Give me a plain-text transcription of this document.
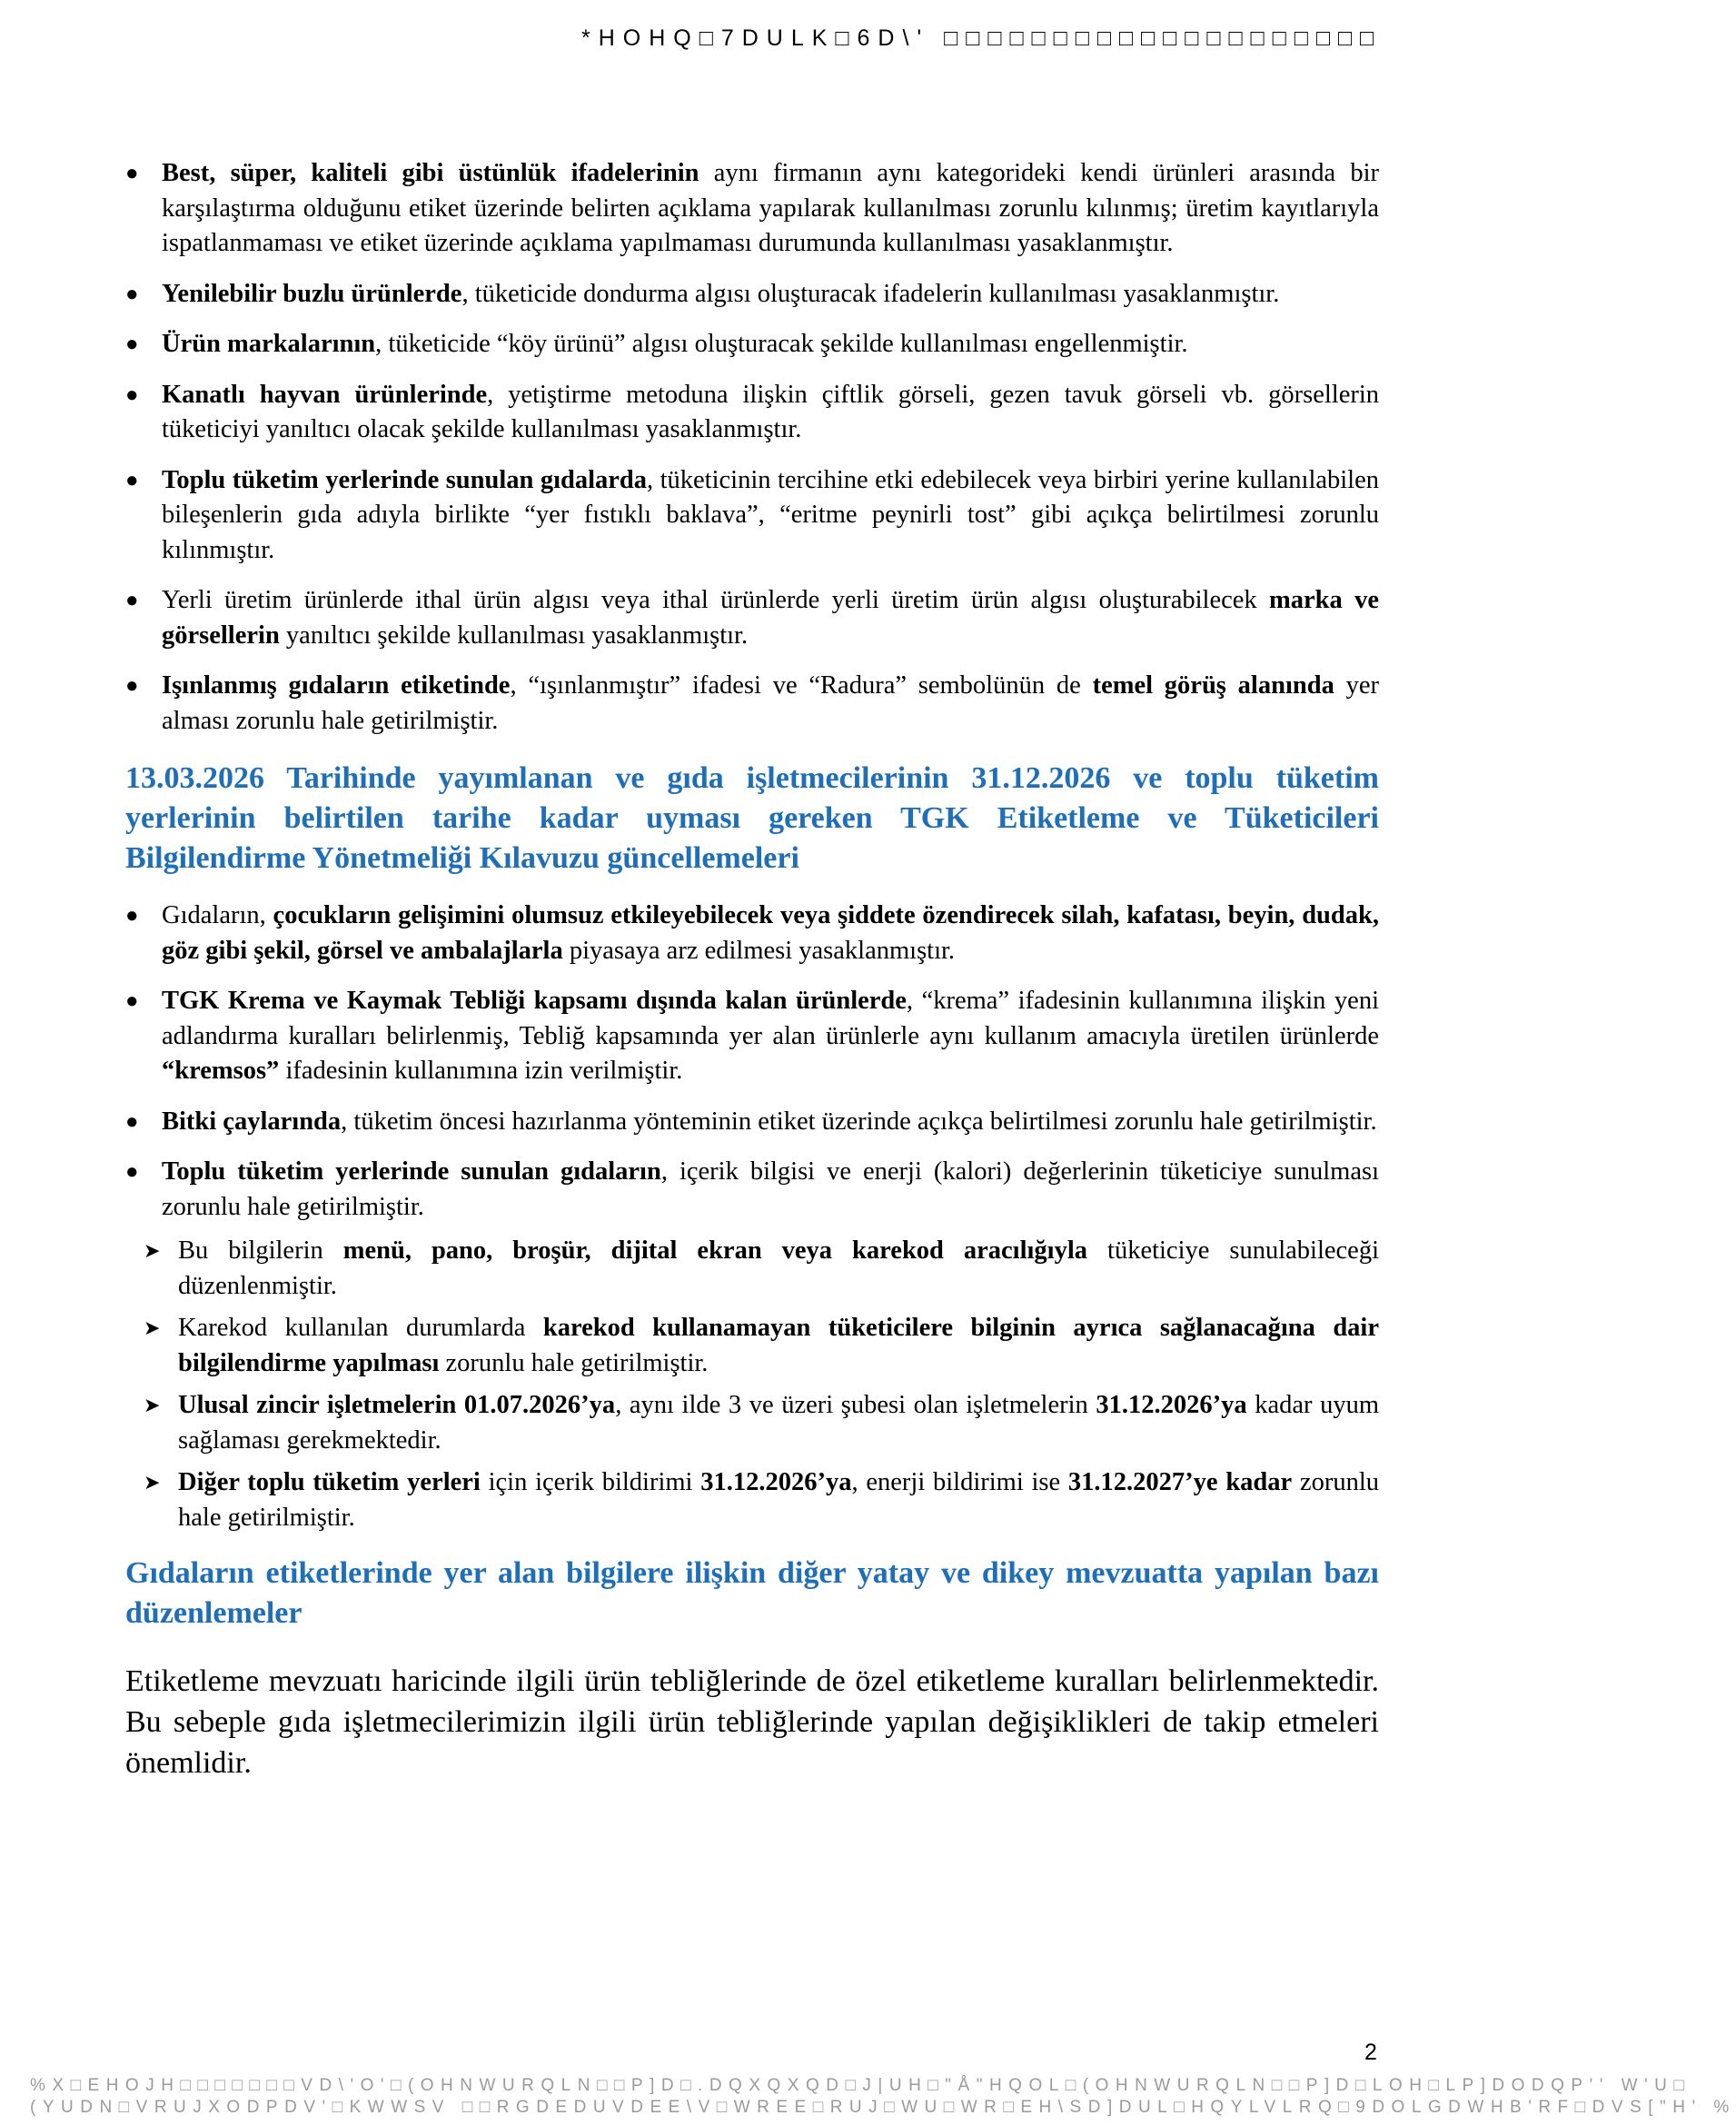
*HOHQ□7DULK□6D\' □□□□□□□□□□□□□□□□□□□□
● Best, süper, kaliteli gibi üstünlük ifadelerinin aynı firmanın aynı kategorideki kendi ürünleri arasında bir karşılaştırma olduğunu etiket üzerinde belirten açıklama yapılarak kullanılması zorunlu kılınmış; üretim kayıtlarıyla ispatlanmaması ve etiket üzerinde açıklama yapılmaması durumunda kullanılması yasaklanmıştır.
● Yenilebilir buzlu ürünlerde, tüketicide dondurma algısı oluşturacak ifadelerin kullanılması yasaklanmıştır.
● Ürün markalarının, tüketicide “köy ürünü” algısı oluşturacak şekilde kullanılması engellenmiştir.
● Kanatlı hayvan ürünlerinde, yetiştirme metoduna ilişkin çiftlik görseli, gezen tavuk görseli vb. görsellerin tüketiciyi yanıltıcı olacak şekilde kullanılması yasaklanmıştır.
● Toplu tüketim yerlerinde sunulan gıdalarda, tüketicinin tercihine etki edebilecek veya birbiri yerine kullanılabilen bileşenlerin gıda adıyla birlikte “yer fıstıklı baklava”, “eritme peynirli tost” gibi açıkça belirtilmesi zorunlu kılınmıştır.
● Yerli üretim ürünlerde ithal ürün algısı veya ithal ürünlerde yerli üretim ürün algısı oluşturabilecek marka ve görsellerin yanıltıcı şekilde kullanılması yasaklanmıştır.
● Işınlanmış gıdaların etiketinde, “ışınlanmıştır” ifadesi ve “Radura” sembolünün de temel görüş alanında yer alması zorunlu hale getirilmiştir.
13.03.2026 Tarihinde yayımlanan ve gıda işletmecilerinin 31.12.2026 ve toplu tüketim yerlerinin belirtilen tarihe kadar uyması gereken TGK Etiketleme ve Tüketicileri Bilgilendirme Yönetmeliği Kılavuzu güncellemeleri
● Gıdaların, çocukların gelişimini olumsuz etkileyebilecek veya şiddete özendirecek silah, kafatası, beyin, dudak, göz gibi şekil, görsel ve ambalajlarla piyasaya arz edilmesi yasaklanmıştır.
● TGK Krema ve Kaymak Tebliği kapsamı dışında kalan ürünlerde, “krema” ifadesinin kullanımına ilişkin yeni adlandırma kuralları belirlenmiş, Tebliğ kapsamında yer alan ürünlerle aynı kullanım amacıyla üretilen ürünlerde “kremsos” ifadesinin kullanımına izin verilmiştir.
● Bitki çaylarında, tüketim öncesi hazırlanma yönteminin etiket üzerinde açıkça belirtilmesi zorunlu hale getirilmiştir.
● Toplu tüketim yerlerinde sunulan gıdaların, içerik bilgisi ve enerji (kalori) değerlerinin tüketiciye sunulması zorunlu hale getirilmiştir.
➤ Bu bilgilerin menü, pano, broşür, dijital ekran veya karekod aracılığıyla tüketiciye sunulabileceği düzenlenmiştir.
➤ Karekod kullanılan durumlarda karekod kullanamayan tüketicilere bilginin ayrıca sağlanacağına dair bilgilendirme yapılması zorunlu hale getirilmiştir.
➤ Ulusal zincir işletmelerin 01.07.2026’ya, aynı ilde 3 ve üzeri şubesi olan işletmelerin 31.12.2026’ya kadar uyum sağlaması gerekmektedir.
➤ Diğer toplu tüketim yerleri için içerik bildirimi 31.12.2026’ya, enerji bildirimi ise 31.12.2027’ye kadar zorunlu hale getirilmiştir.
Gıdaların etiketlerinde yer alan bilgilere ilişkin diğer yatay ve dikey mevzuatta yapılan bazı düzenlemeler

Etiketleme mevzuatı haricinde ilgili ürün tebliğlerinde de özel etiketleme kuralları belirlenmektedir. Bu sebeple gıda işletmecilerimizin ilgili ürün tebliğlerinde yapılan değişiklikleri de takip etmeleri önemlidir.

2
%X□EHOJH□□□□□□□VD\'O'□(OHNWURQLN□□P]D□.DQXQXQD□J|UH□"Å"HQOL□(OHNWURQLN□□P]D□LOH□LP]DODQP'' W'U□
(YUDN□VRUJXODPDV'□KWWSV □□RGDEDUVDEE\V□WREE□RUJ□WU□WR□EH\SD]DUL□HQYLVLRQ□9DOLGDWHB'RF□DVS["H' %
